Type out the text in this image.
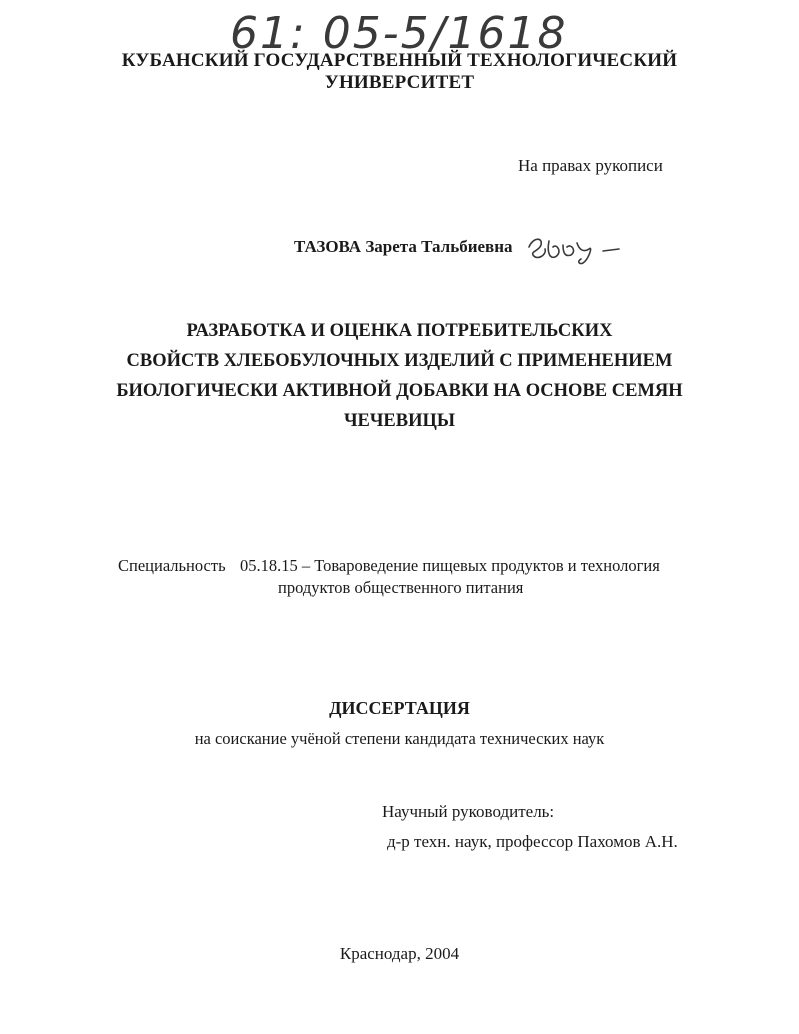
61: 05-5/1618
КУБАНСКИЙ ГОСУДАРСТВЕННЫЙ ТЕХНОЛОГИЧЕСКИЙ
УНИВЕРСИТЕТ
На правах рукописи
ТАЗОВА Зарета Тальбиевна
РАЗРАБОТКА И ОЦЕНКА ПОТРЕБИТЕЛЬСКИХ
СВОЙСТВ ХЛЕБОБУЛОЧНЫХ ИЗДЕЛИЙ С ПРИМЕНЕНИЕМ
БИОЛОГИЧЕСКИ АКТИВНОЙ ДОБАВКИ НА ОСНОВЕ СЕМЯН
ЧЕЧЕВИЦЫ
Специальность 05.18.15 – Товароведение пищевых продуктов и технология
продуктов общественного питания
ДИССЕРТАЦИЯ
на соискание учёной степени кандидата технических наук
Научный руководитель:
д-р техн. наук, профессор Пахомов А.Н.
Краснодар, 2004
